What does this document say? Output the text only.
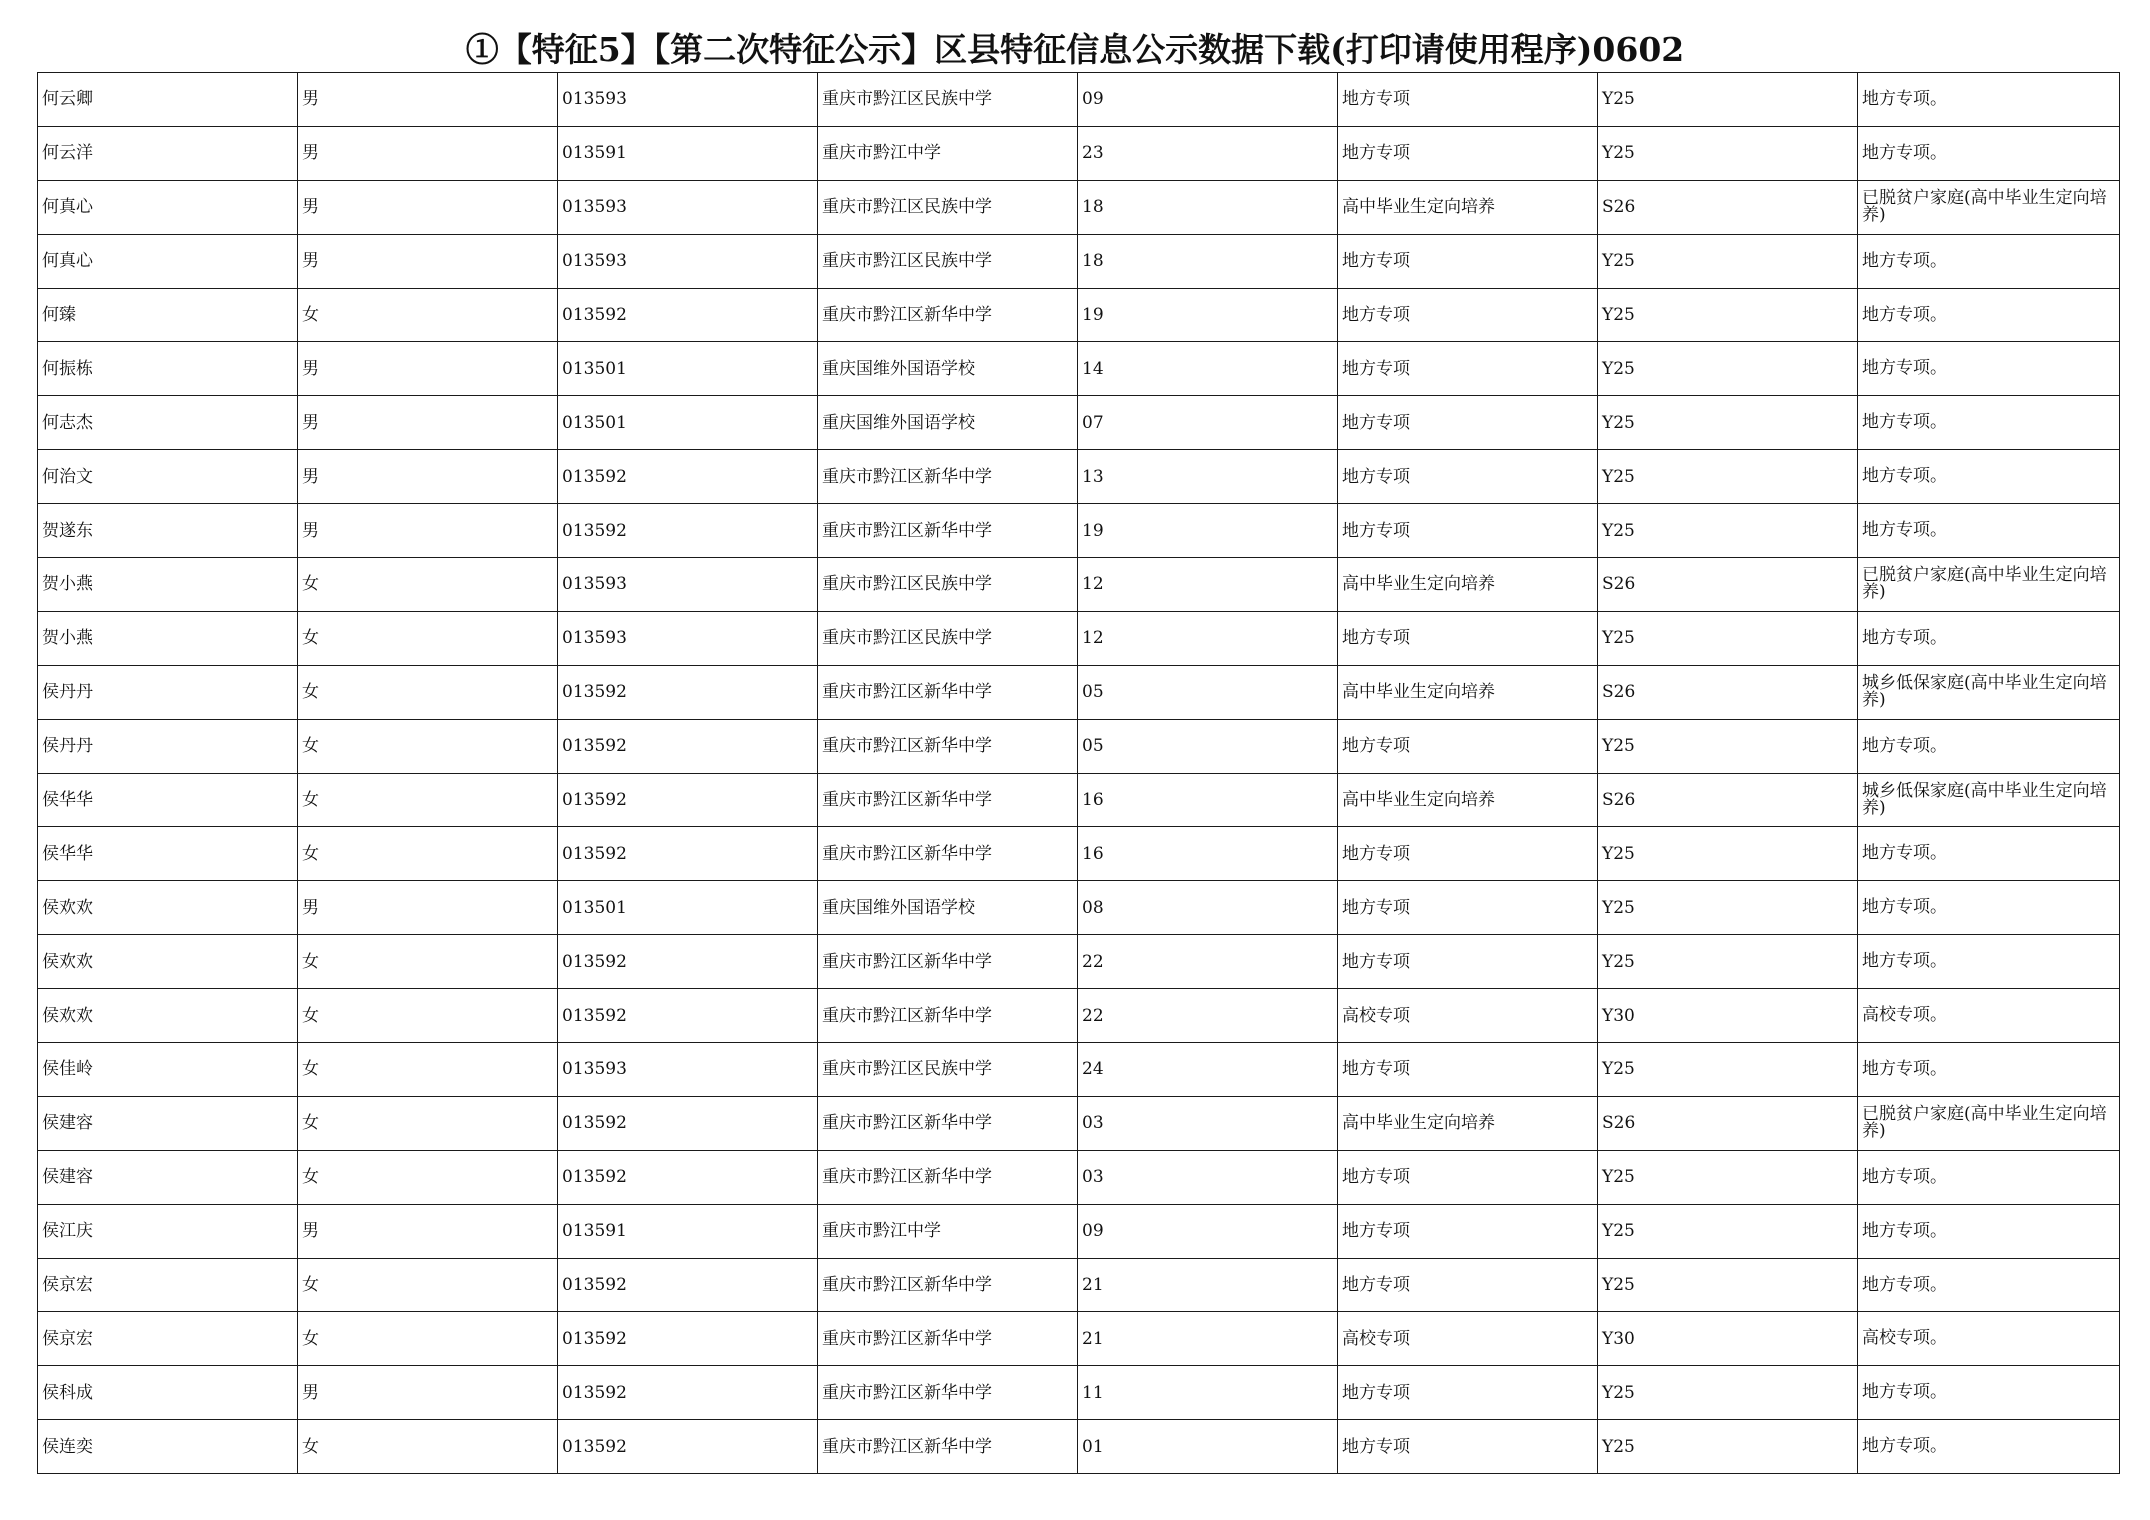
①【特征5】【第二次特征公示】区县特征信息公示数据下载(打印请使用程序)0602
何云卿	男	013593	重庆市黔江区民族中学	09	地方专项	Y25	地方专项。
何云洋	男	013591	重庆市黔江中学	23	地方专项	Y25	地方专项。
何真心	男	013593	重庆市黔江区民族中学	18	高中毕业生定向培养	S26	已脱贫户家庭(高中毕业生定向培养)
何真心	男	013593	重庆市黔江区民族中学	18	地方专项	Y25	地方专项。
何臻	女	013592	重庆市黔江区新华中学	19	地方专项	Y25	地方专项。
何振栋	男	013501	重庆国维外国语学校	14	地方专项	Y25	地方专项。
何志杰	男	013501	重庆国维外国语学校	07	地方专项	Y25	地方专项。
何治文	男	013592	重庆市黔江区新华中学	13	地方专项	Y25	地方专项。
贺遂东	男	013592	重庆市黔江区新华中学	19	地方专项	Y25	地方专项。
贺小燕	女	013593	重庆市黔江区民族中学	12	高中毕业生定向培养	S26	已脱贫户家庭(高中毕业生定向培养)
贺小燕	女	013593	重庆市黔江区民族中学	12	地方专项	Y25	地方专项。
侯丹丹	女	013592	重庆市黔江区新华中学	05	高中毕业生定向培养	S26	城乡低保家庭(高中毕业生定向培养)
侯丹丹	女	013592	重庆市黔江区新华中学	05	地方专项	Y25	地方专项。
侯华华	女	013592	重庆市黔江区新华中学	16	高中毕业生定向培养	S26	城乡低保家庭(高中毕业生定向培养)
侯华华	女	013592	重庆市黔江区新华中学	16	地方专项	Y25	地方专项。
侯欢欢	男	013501	重庆国维外国语学校	08	地方专项	Y25	地方专项。
侯欢欢	女	013592	重庆市黔江区新华中学	22	地方专项	Y25	地方专项。
侯欢欢	女	013592	重庆市黔江区新华中学	22	高校专项	Y30	高校专项。
侯佳岭	女	013593	重庆市黔江区民族中学	24	地方专项	Y25	地方专项。
侯建容	女	013592	重庆市黔江区新华中学	03	高中毕业生定向培养	S26	已脱贫户家庭(高中毕业生定向培养)
侯建容	女	013592	重庆市黔江区新华中学	03	地方专项	Y25	地方专项。
侯江庆	男	013591	重庆市黔江中学	09	地方专项	Y25	地方专项。
侯京宏	女	013592	重庆市黔江区新华中学	21	地方专项	Y25	地方专项。
侯京宏	女	013592	重庆市黔江区新华中学	21	高校专项	Y30	高校专项。
侯科成	男	013592	重庆市黔江区新华中学	11	地方专项	Y25	地方专项。
侯连奕	女	013592	重庆市黔江区新华中学	01	地方专项	Y25	地方专项。
